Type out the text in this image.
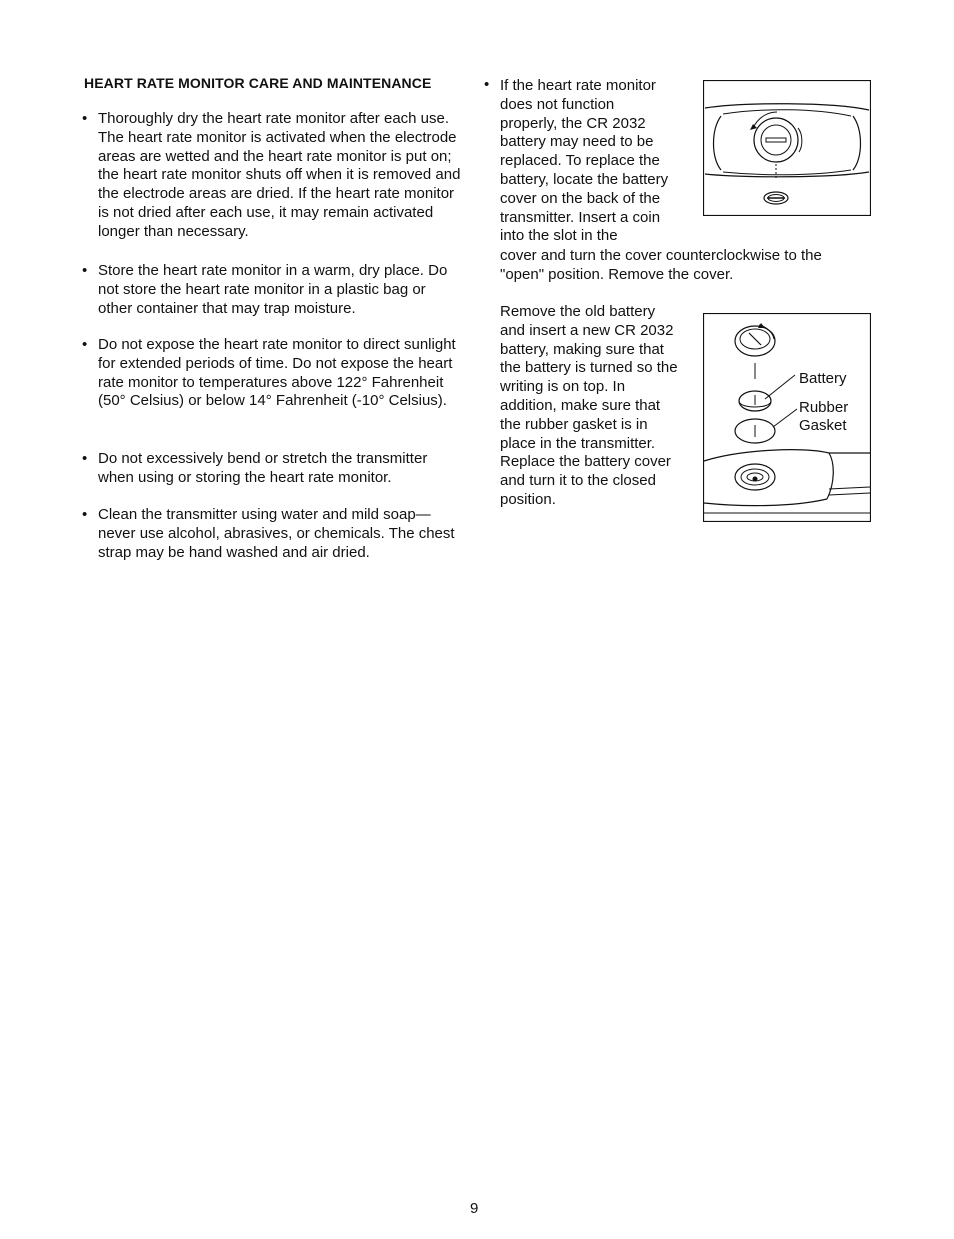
HEART RATE MONITOR CARE AND MAINTENANCE
• Thoroughly dry the heart rate monitor after each use. The heart rate monitor is activated when the electrode areas are wetted and the heart rate monitor is put on; the heart rate monitor shuts off when it is removed and the electrode areas are dried. If the heart rate monitor is not dried after each use, it may remain activated longer than necessary.

• Store the heart rate monitor in a warm, dry place. Do not store the heart rate monitor in a plastic bag or other container that may trap moisture.

• Do not expose the heart rate monitor to direct sunlight for extended periods of time. Do not expose the heart rate monitor to temperatures above 122° Fahrenheit (50° Celsius) or below 14° Fahrenheit (-10° Celsius).

• Do not excessively bend or stretch the transmitter when using or storing the heart rate monitor.

• Clean the transmitter using water and mild soap—never use alcohol, abrasives, or chemicals. The chest strap may be hand washed and air dried.

• If the heart rate monitor does not function properly, the CR 2032 battery may need to be replaced. To replace the battery, locate the battery cover on the back of the transmitter. Insert a coin into the slot in the
cover and turn the cover counterclockwise to the "open" position. Remove the cover.
Remove the old battery and insert a new CR 2032 battery, making sure that the battery is turned so the writing is on top. In addition, make sure that the rubber gasket is in place in the transmitter. Replace the battery cover and turn it to the closed position.
Battery
Rubber
Gasket
9
